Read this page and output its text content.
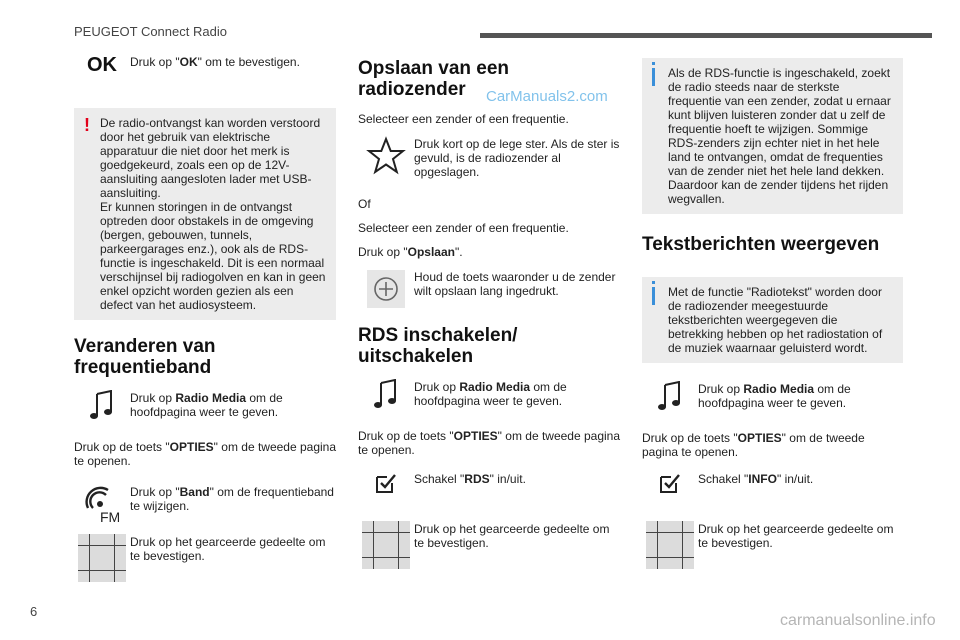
PEUGEOT Connect Radio
OK Druk op "OK" om te bevestigen.
! De radio-ontvangst kan worden verstoord door het gebruik van elektrische apparatuur die niet door het merk is goedgekeurd, zoals een op de 12V-aansluiting aangesloten lader met USB-aansluiting.
Er kunnen storingen in de ontvangst optreden door obstakels in de omgeving (bergen, gebouwen, tunnels, parkeergarages enz.), ook als de RDS-functie is ingeschakeld. Dit is een normaal verschijnsel bij radiogolven en kan in geen enkel opzicht worden gezien als een defect van het audiosysteem.
Veranderen van frequentieband
Druk op Radio Media om de hoofdpagina weer te geven.

Druk op de toets "OPTIES" om de tweede pagina te openen.

FM
Druk op "Band" om de frequentieband te wijzigen.
Druk op het gearceerde gedeelte om te bevestigen.
Opslaan van een radiozender

Selecteer een zender of een frequentie.

Druk kort op de lege ster. Als de ster is gevuld, is de radiozender al opgeslagen.

Of

Selecteer een zender of een frequentie.

Druk op "Opslaan".

Houd de toets waaronder u de zender wilt opslaan lang ingedrukt.
RDS inschakelen/ uitschakelen
Druk op Radio Media om de hoofdpagina weer te geven.

Druk op de toets "OPTIES" om de tweede pagina te openen.

Schakel "RDS" in/uit.
Druk op het gearceerde gedeelte om te bevestigen.
CarManuals2.com
Als de RDS-functie is ingeschakeld, zoekt de radio steeds naar de sterkste frequentie van een zender, zodat u ernaar kunt blijven luisteren zonder dat u zelf de frequentie hoeft te wijzigen. Sommige RDS-zenders zijn echter niet in het hele land te ontvangen, omdat de frequenties van de zender niet het hele land dekken. Daardoor kan de zender tijdens het rijden wegvallen.
Tekstberichten weergeven
Met de functie "Radiotekst" worden door de radiozender meegestuurde tekstberichten weergegeven die betrekking hebben op het radiostation of de muziek waarnaar geluisterd wordt.
Druk op Radio Media om de hoofdpagina weer te geven.

Druk op de toets "OPTIES" om de tweede pagina te openen.

Schakel "INFO" in/uit.
Druk op het gearceerde gedeelte om te bevestigen.
6
carmanualsonline.info
